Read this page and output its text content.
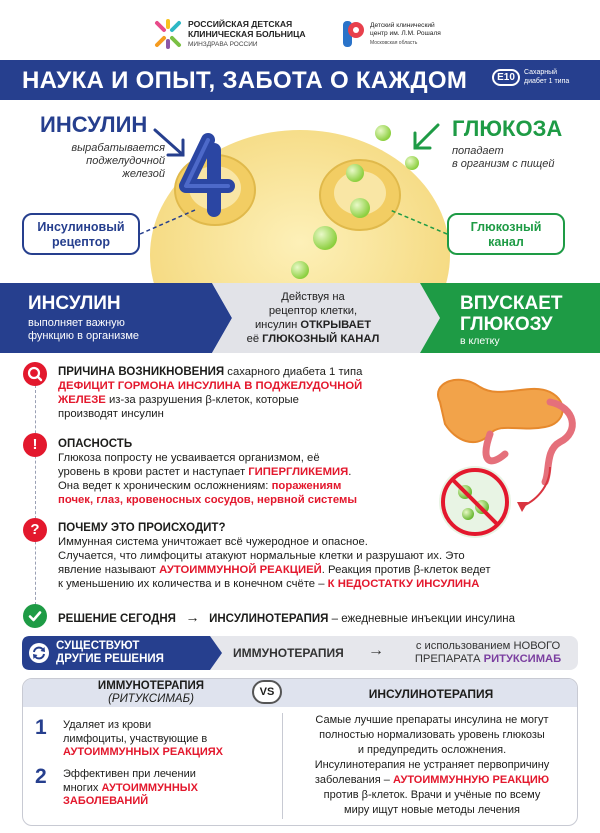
РОССИЙСКАЯ ДЕТСКАЯ
КЛИНИЧЕСКАЯ БОЛЬНИЦА
МИНЗДРАВА РОССИИ
Детский клинический
центр им. Л.М. Рошаля
Московская область
НАУКА И ОПЫТ, ЗАБОТА О КАЖДОМ	E10	Сахарный
диабет 1 типа
ИНСУЛИН
вырабатывается
поджелудочной
железой
ГЛЮКОЗА
попадает
в организм с пищей
Инсулиновый
рецептор
Глюкозный
канал
ИНСУЛИН
выполняет важную
функцию в организме
Действуя на
рецептор клетки,
инсулин ОТКРЫВАЕТ
её ГЛЮКОЗНЫЙ КАНАЛ
ВПУСКАЕТ
ГЛЮКОЗУ
в клетку
ПРИЧИНА ВОЗНИКНОВЕНИЯ сахарного диабета 1 типа
ДЕФИЦИТ ГОРМОНА ИНСУЛИНА В ПОДЖЕЛУДОЧНОЙ
ЖЕЛЕЗЕ из-за разрушения β-клеток, которые
производят инсулин
!	ОПАСНОСТЬ
Глюкоза попросту не усваивается организмом, её
уровень в крови растет и наступает ГИПЕРГЛИКЕМИЯ.
Она ведет к хроническим осложнениям: поражениям
почек, глаз, кровеносных сосудов, нервной системы
?	ПОЧЕМУ ЭТО ПРОИСХОДИТ?
Иммунная система уничтожает всё чужеродное и опасное.
Случается, что лимфоциты атакуют нормальные клетки и разрушают их. Это
явление называют АУТОИММУННОЙ РЕАКЦИЕЙ. Реакция против β-клеток ведет
к уменьшению их количества и в конечном счёте – К НЕДОСТАТКУ ИНСУЛИНА
РЕШЕНИЕ СЕГОДНЯ → ИНСУЛИНОТЕРАПИЯ – ежедневные инъекции инсулина
СУЩЕСТВУЮТ
ДРУГИЕ РЕШЕНИЯ	ИММУНОТЕРАПИЯ →	с использованием НОВОГО
ПРЕПАРАТА РИТУКСИМАБ
ИММУНОТЕРАПИЯ
(РИТУКСИМАБ)
VS	ИНСУЛИНОТЕРАПИЯ
1 Удаляет из крови
лимфоциты, участвующие в
АУТОИММУННЫХ РЕАКЦИЯХ
2 Эффективен при лечении
многих АУТОИММУННЫХ
ЗАБОЛЕВАНИЙ
Самые лучшие препараты инсулина не могут
полностью нормализовать уровень глюкозы
и предупредить осложнения.
Инсулинотерапия не устраняет первопричину
заболевания – АУТОИММУННУЮ РЕАКЦИЮ
против β-клеток. Врачи и учёные по всему
миру ищут новые методы лечения
